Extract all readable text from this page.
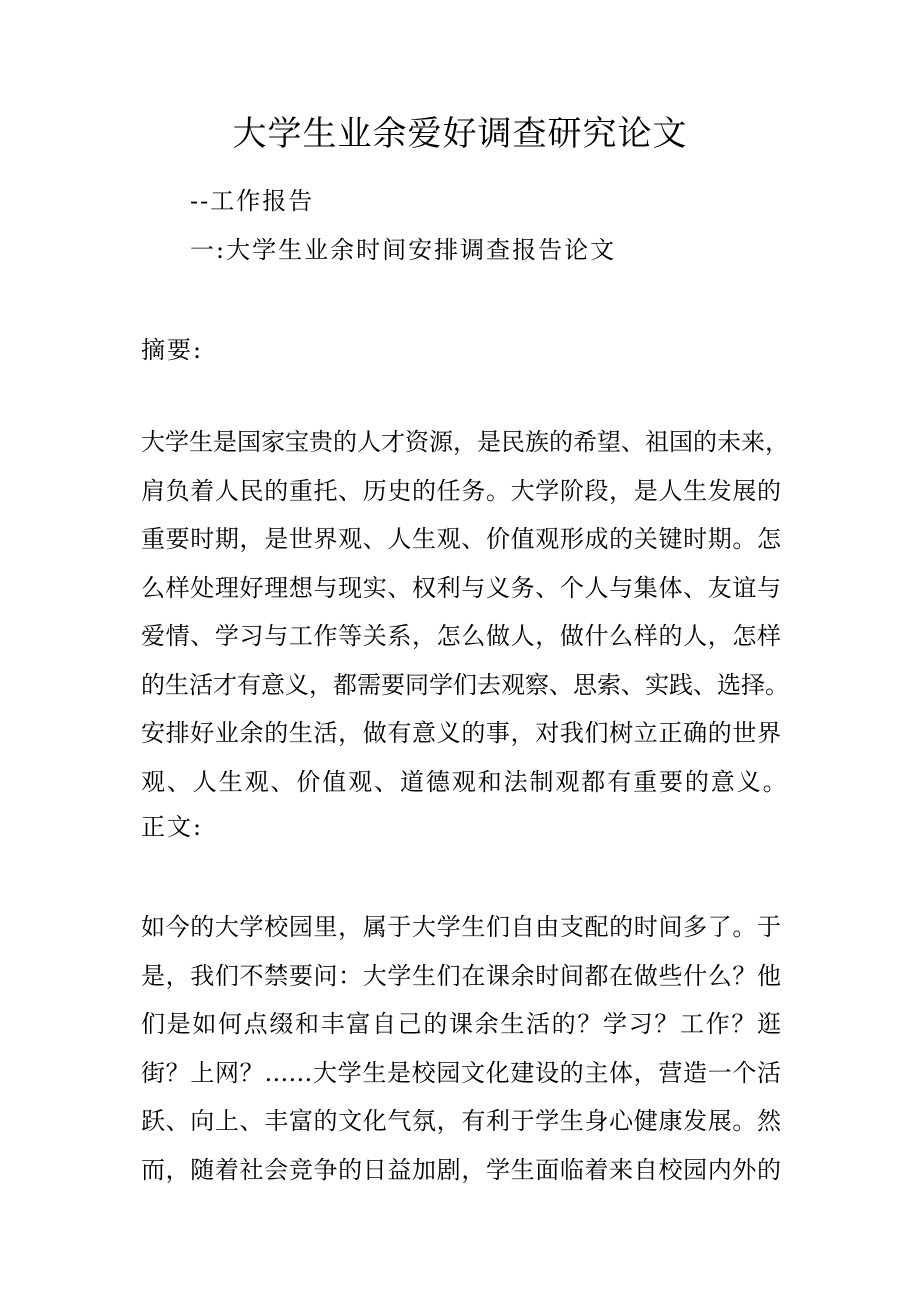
大学生业余爱好调查研究论文
--工作报告
一:大学生业余时间安排调查报告论文
摘要:
大学生是国家宝贵的人才资源，是民族的希望、祖国的未来，
肩负着人民的重托、历史的任务。大学阶段，是人生发展的
重要时期，是世界观、人生观、价值观形成的关键时期。怎
么样处理好理想与现实、权利与义务、个人与集体、友谊与
爱情、学习与工作等关系，怎么做人，做什么样的人，怎样
的生活才有意义，都需要同学们去观察、思索、实践、选择。
安排好业余的生活，做有意义的事，对我们树立正确的世界
观、人生观、价值观、道德观和法制观都有重要的意义。
正文:
如今的大学校园里，属于大学生们自由支配的时间多了。于
是，我们不禁要问：大学生们在课余时间都在做些什么？他
们是如何点缀和丰富自己的课余生活的？学习？工作？逛
街？上网？……大学生是校园文化建设的主体，营造一个活
跃、向上、丰富的文化气氛，有利于学生身心健康发展。然
而，随着社会竞争的日益加剧，学生面临着来自校园内外的
